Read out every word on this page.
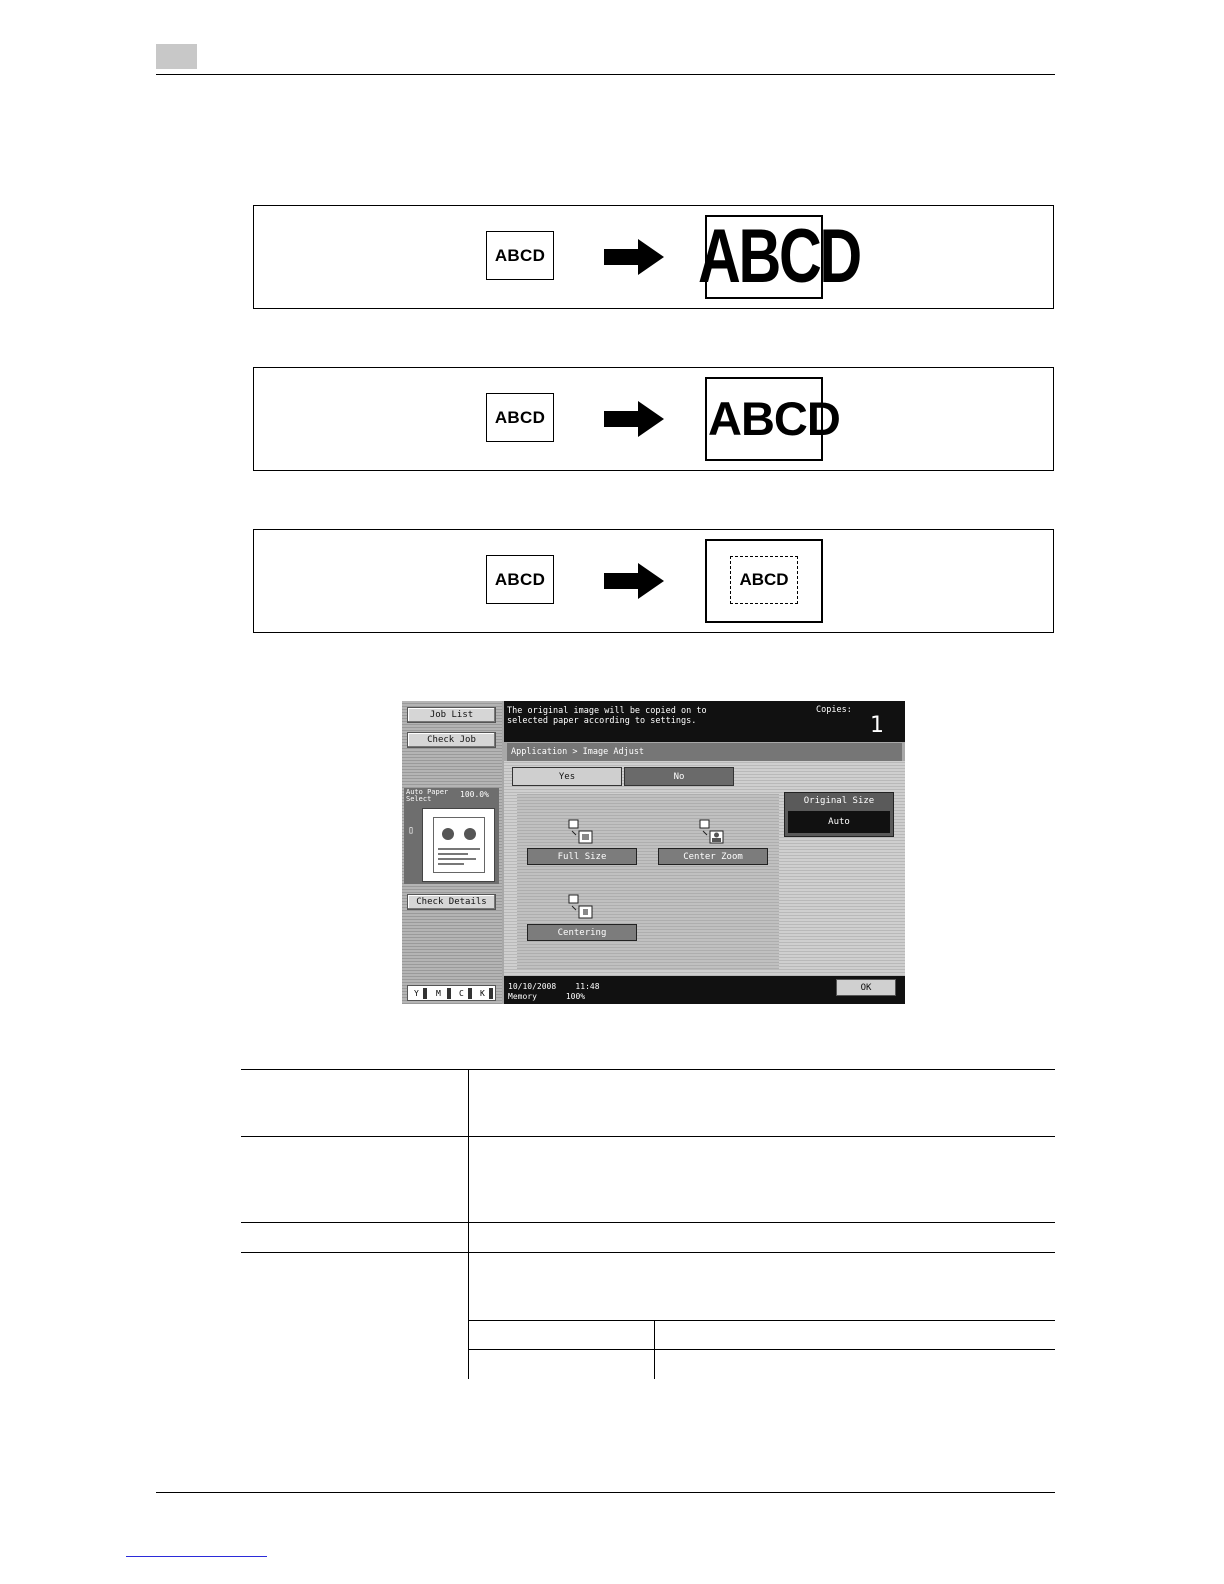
ABCD ABCD
ABCD	ABCD
ABCD	ABCD
Job List
Check Job
Auto Paper
Select	100.0%
▯
Check Details
Y M C K
The original image will be copied on to
selected paper according to settings.
Copies:
1
Application > Image Adjust
Yes	No
Full Size	Center Zoom
Centering
Original Size
Auto
10/10/2008    11:48
Memory	100%
OK
